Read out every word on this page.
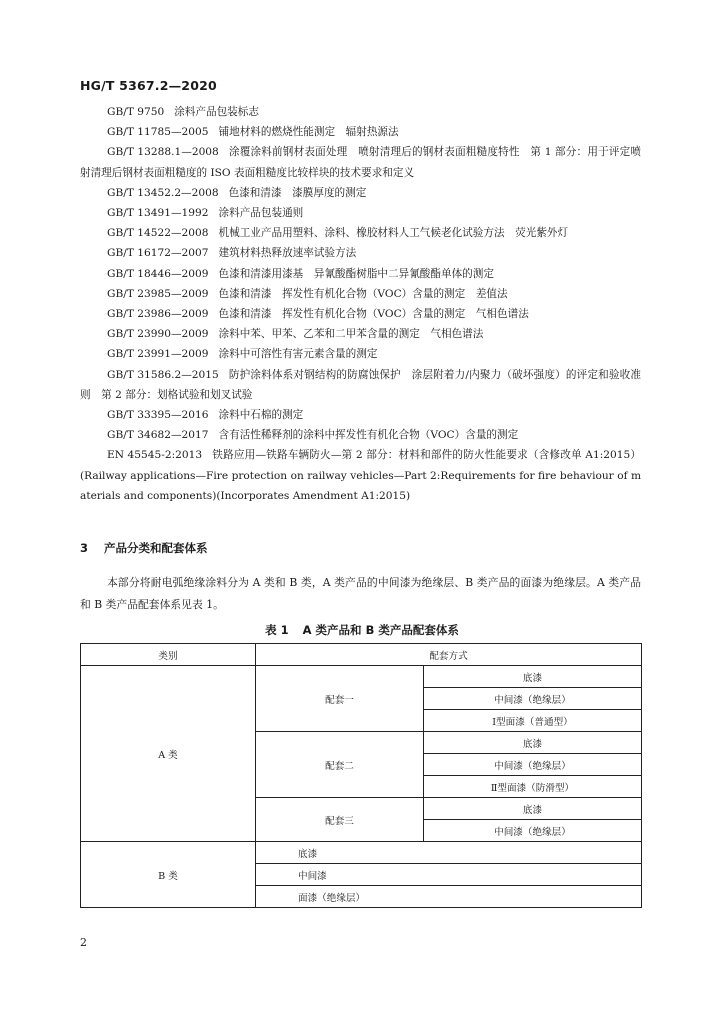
HG/T 5367.2—2020
GB/T 9750 涂料产品包装标志
GB/T 11785—2005 铺地材料的燃烧性能测定　辐射热源法
GB/T 13288.1—2008 涂覆涂料前钢材表面处理　喷射清理后的钢材表面粗糙度特性　第 1 部分：用于评定喷射清理后钢材表面粗糙度的 ISO 表面粗糙度比较样块的技术要求和定义
GB/T 13452.2—2008 色漆和清漆　漆膜厚度的测定
GB/T 13491—1992 涂料产品包装通则
GB/T 14522—2008 机械工业产品用塑料、涂料、橡胶材料人工气候老化试验方法　荧光紫外灯
GB/T 16172—2007 建筑材料热释放速率试验方法
GB/T 18446—2009 色漆和清漆用漆基　异氰酸酯树脂中二异氰酸酯单体的测定
GB/T 23985—2009 色漆和清漆　挥发性有机化合物（VOC）含量的测定　差值法
GB/T 23986—2009 色漆和清漆　挥发性有机化合物（VOC）含量的测定　气相色谱法
GB/T 23990—2009 涂料中苯、甲苯、乙苯和二甲苯含量的测定　气相色谱法
GB/T 23991—2009 涂料中可溶性有害元素含量的测定
GB/T 31586.2—2015 防护涂料体系对钢结构的防腐蚀保护　涂层附着力/内聚力（破坏强度）的评定和验收准则　第 2 部分：划格试验和划叉试验
GB/T 33395—2016 涂料中石棉的测定
GB/T 34682—2017 含有活性稀释剂的涂料中挥发性有机化合物（VOC）含量的测定
EN 45545-2:2013 铁路应用—铁路车辆防火—第 2 部分：材料和部件的防火性能要求（含修改单 A1:2015）(Railway applications—Fire protection on railway vehicles—Part 2:Requirements for fire behaviour of materials and components)(Incorporates Amendment A1:2015)
3 产品分类和配套体系
本部分将耐电弧绝缘涂料分为 A 类和 B 类，A 类产品的中间漆为绝缘层、B 类产品的面漆为绝缘层。A 类产品和 B 类产品配套体系见表 1。
表 1 A 类产品和 B 类产品配套体系
类别	配套方式	
A 类	配套一	底漆
		中间漆（绝缘层）
		Ⅰ型面漆（普通型）
	配套二	底漆
		中间漆（绝缘层）
		Ⅱ型面漆（防滑型）
	配套三	底漆
		中间漆（绝缘层）
B 类	底漆	
	中间漆	
	面漆（绝缘层）	
2
